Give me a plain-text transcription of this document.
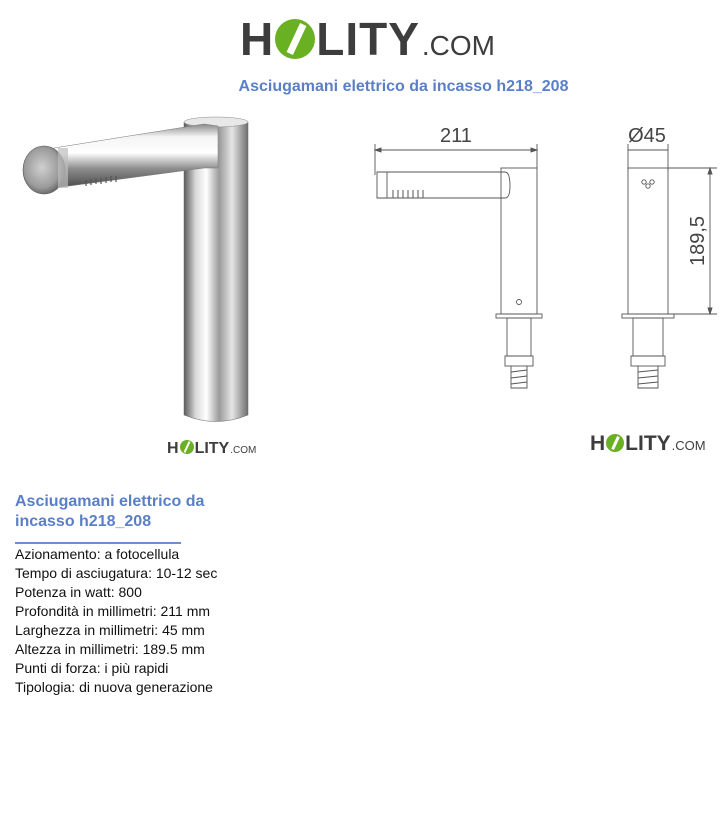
H LITY .COM
Asciugamani elettrico da incasso h218_208
211	Ø45
189,5
H LITY .COM	H LITY .COM
Asciugamani elettrico da incasso h218_208
Azionamento: a fotocellula
Tempo di asciugatura: 10-12 sec
Potenza in watt: 800
Profondità in millimetri: 211 mm
Larghezza in millimetri: 45 mm
Altezza in millimetri: 189.5 mm
Punti di forza: i più rapidi
Tipologia: di nuova generazione
